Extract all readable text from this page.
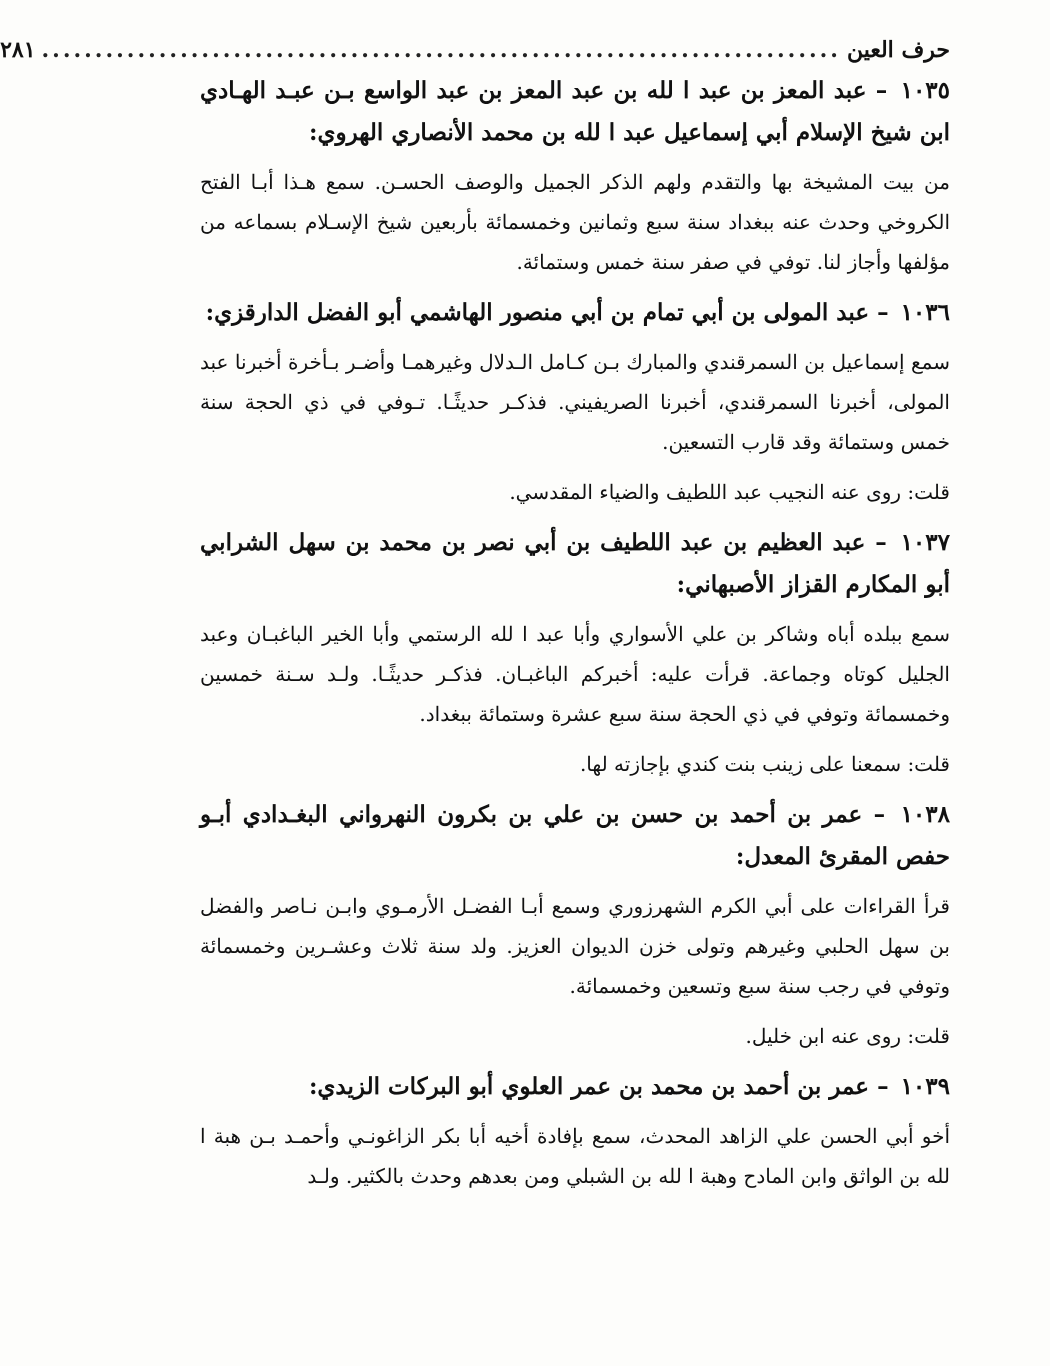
حرف العين
...........................................................................
٢٨١

١٠٣٥ – عبد المعز بن عبد ا لله بن عبد المعز بن عبد الواسع بـن عبـد الهـادي ابن شيخ الإسلام أبي إسماعيل عبد ا لله بن محمد الأنصاري الهروي:

من بيت المشيخة بها والتقدم ولهم الذكر الجميل والوصف الحسـن. سمع هـذا أبـا الفتح الكروخي وحدث عنه ببغداد سنة سبع وثمانين وخمسمائة بأربعين شيخ الإسـلام بسماعه من مؤلفها وأجاز لنا. توفي في صفر سنة خمس وستمائة.

١٠٣٦ – عبد المولى بن أبي تمام بن أبي منصور الهاشمي أبو الفضل الدارقزي:

سمع إسماعيل بن السمرقندي والمبارك بـن كـامل الـدلال وغيرهمـا وأضـر بـأخرة أخبرنا عبد المولى، أخبرنا السمرقندي، أخبرنا الصريفيني. فذكـر حديثًـا. تـوفي في ذي الحجة سنة خمس وستمائة وقد قارب التسعين.

قلت: روى عنه النجيب عبد اللطيف والضياء المقدسي.

١٠٣٧ – عبد العظيم بن عبد اللطيف بن أبي نصر بن محمد بن سهل الشرابي أبو المكارم القزاز الأصبهاني:

سمع ببلده أباه وشاكر بن علي الأسواري وأبا عبد ا لله الرستمي وأبا الخير الباغبـان وعبد الجليل كوتاه وجماعة. قرأت عليه: أخبركم الباغبـان. فذكـر حديثًـا. ولـد سـنة خمسين وخمسمائة وتوفي في ذي الحجة سنة سبع عشرة وستمائة ببغداد.

قلت: سمعنا على زينب بنت كندي بإجازته لها.

١٠٣٨ – عمر بن أحمد بن حسن بن علي بن بكرون النهرواني البغـدادي أبـو حفص المقرئ المعدل:

قرأ القراءات على أبي الكرم الشهرزوري وسمع أبـا الفضـل الأرمـوي وابـن نـاصر والفضل بن سهل الحلبي وغيرهم وتولى خزن الديوان العزيز. ولد سنة ثلاث وعشـرين وخمسمائة وتوفي في رجب سنة سبع وتسعين وخمسمائة.

قلت: روى عنه ابن خليل.

١٠٣٩ – عمر بن أحمد بن محمد بن عمر العلوي أبو البركات الزيدي:

أخو أبي الحسن علي الزاهد المحدث، سمع بإفادة أخيه أبا بكر الزاغونـي وأحمـد بـن هبة ا لله بن الواثق وابن المادح وهبة ا لله بن الشبلي ومن بعدهم وحدث بالكثير. ولـد
